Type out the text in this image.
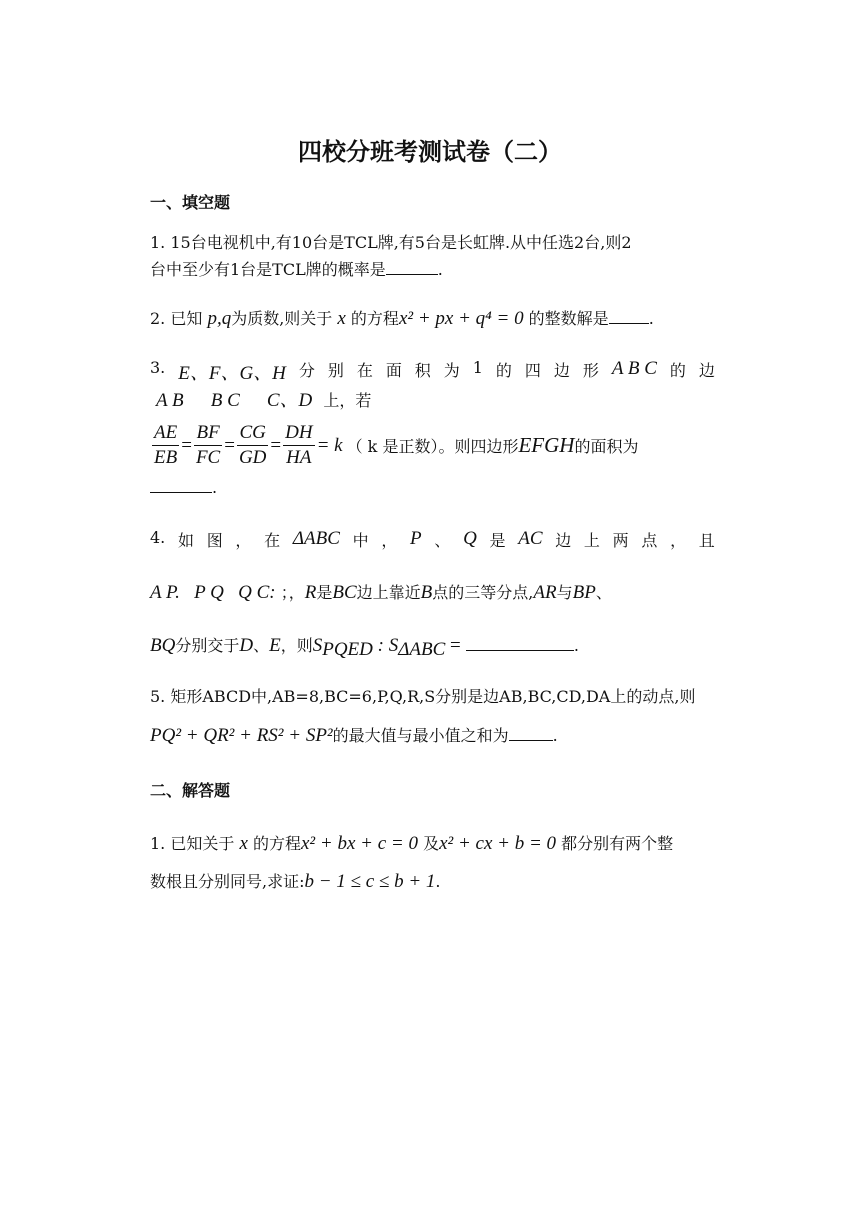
四校分班考测试卷（二）
一、填空题
1. 15台电视机中,有10台是TCL牌,有5台是长虹牌.从中任选2台,则2
台中至少有1台是TCL牌的概率是	.
2. 已知 p,q为质数,则关于 x 的方程x² + px + q⁴ = 0 的整数解是	.
3. E、F、G、H 分 别 在 面 积 为 1 的 四 边 形 A B C 的 边
A B B C C、D 上，若
$\frac{AE}{EB} = \frac{BF}{FC} = \frac{CG}{GD} = \frac{DH}{HA} = k$ （ k 是正数）。则四边形 EFGH 的面积为
.
4. 如 图 ， 在 ΔABC 中 ， P 、 Q 是 AC 边 上 两 点 ， 且
A P.   P Q   Q C: ；，R是BC边上靠近B点的三等分点,AR与BP、
BQ分别交于D、E，则$S_{PQED}$ : $S_{\Delta ABC}$ =	.
5. 矩形ABCD中,AB=8,BC=6,P,Q,R,S分别是边AB,BC,CD,DA上的动点,则
PQ² + QR² + RS² + SP²的最大值与最小值之和为	.
二、解答题
1. 已知关于 x 的方程x² + bx + c = 0 及x² + cx + b = 0 都分别有两个整
数根且分别同号,求证:b − 1 ≤ c ≤ b + 1.
